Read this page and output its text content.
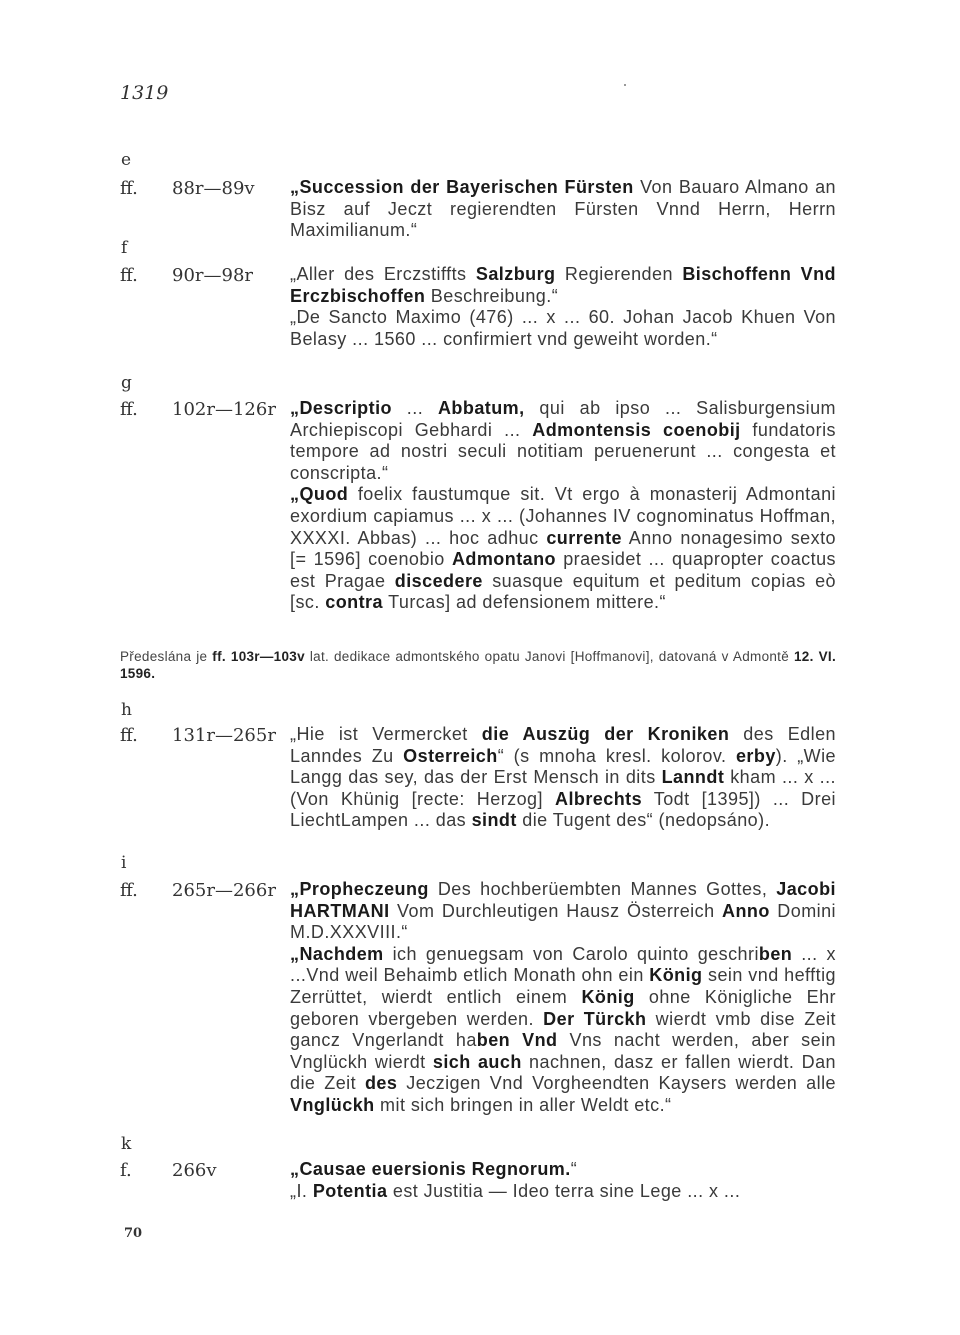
1319
e
ff. 88r—89v „Succession der Bayerischen Fürsten Von Bauaro Almano an Bisz auf Jeczt regierendten Fürsten Vnnd Herrn, Herrn Maximilianum.“

f
ff. 90r—98r „Aller des Erczstiffts Salzburg Regierenden Bischoffenn Vnd Erczbischoffen Beschreibung.“

„De Sancto Maximo (476) ... x ... 60. Johan Jacob Khuen Von Belasy ... 1560 ... confirmiert vnd geweiht worden.“

g
ff. 102r—126r „Descriptio ... Abbatum, qui ab ipso ... Salisburgensium Archiepiscopi Gebhardi ... Admontensis coenobij fundatoris tempore ad nostri seculi notitiam peruenerunt ... congesta et conscripta.“

„Quod foelix faustumque sit. Vt ergo à monasterij Admontani exordium capiamus ... x ... (Johannes IV cognominatus Hoffman, XXXXI. Abbas) ... hoc adhuc currente Anno nonagesimo sexto [= 1596] coenobio Admontano praesidet ... quapropter coactus est Pragae discedere suasque equitum et peditum copias eò [sc. contra Turcas] ad defensionem mittere.“

Předeslána je ff. 103r—103v lat. dedikace admontského opatu Janovi [Hoffmanovi], datovaná v Admontě 12. VI. 1596.
h
ff. 131r—265r „Hie ist Vermercket die Auszüg der Kroniken des Edlen Lanndes Zu Osterreich“ (s mnoha kresl. kolorov. erby). „Wie Langg das sey, das der Erst Mensch in dits Lanndt kham ... x ... (Von Khünig [recte: Herzog] Albrechts Todt [1395]) ... Drei LiechtLampen ... das sindt die Tugent des“ (nedopsáno).

i
ff. 265r—266r „Propheczeung Des hochberüembten Mannes Gottes, Jacobi HARTMANI Vom Durchleutigen Hausz Österreich Anno Domini M.D.XXXVIII.“

„Nachdem ich genuegsam von Carolo quinto geschriben ... x ...Vnd weil Behaimb etlich Monath ohn ein König sein vnd hefftig Zerrüttet, wierdt entlich einem König ohne Königliche Ehr geboren vbergeben werden. Der Türckh wierdt vmb dise Zeit gancz Vngerlandt haben Vnd Vns nacht werden, aber sein Vnglückh wierdt sich auch nachnen, dasz er fallen wierdt. Dan die Zeit des Jeczigen Vnd Vorgheendten Kaysers werden alle Vnglückh mit sich bringen in aller Weldt etc.“

k
f. 266v	„Causae euersionis Regnorum.“

„I. Potentia est Justitia — Ideo terra sine Lege ... x ...

70
